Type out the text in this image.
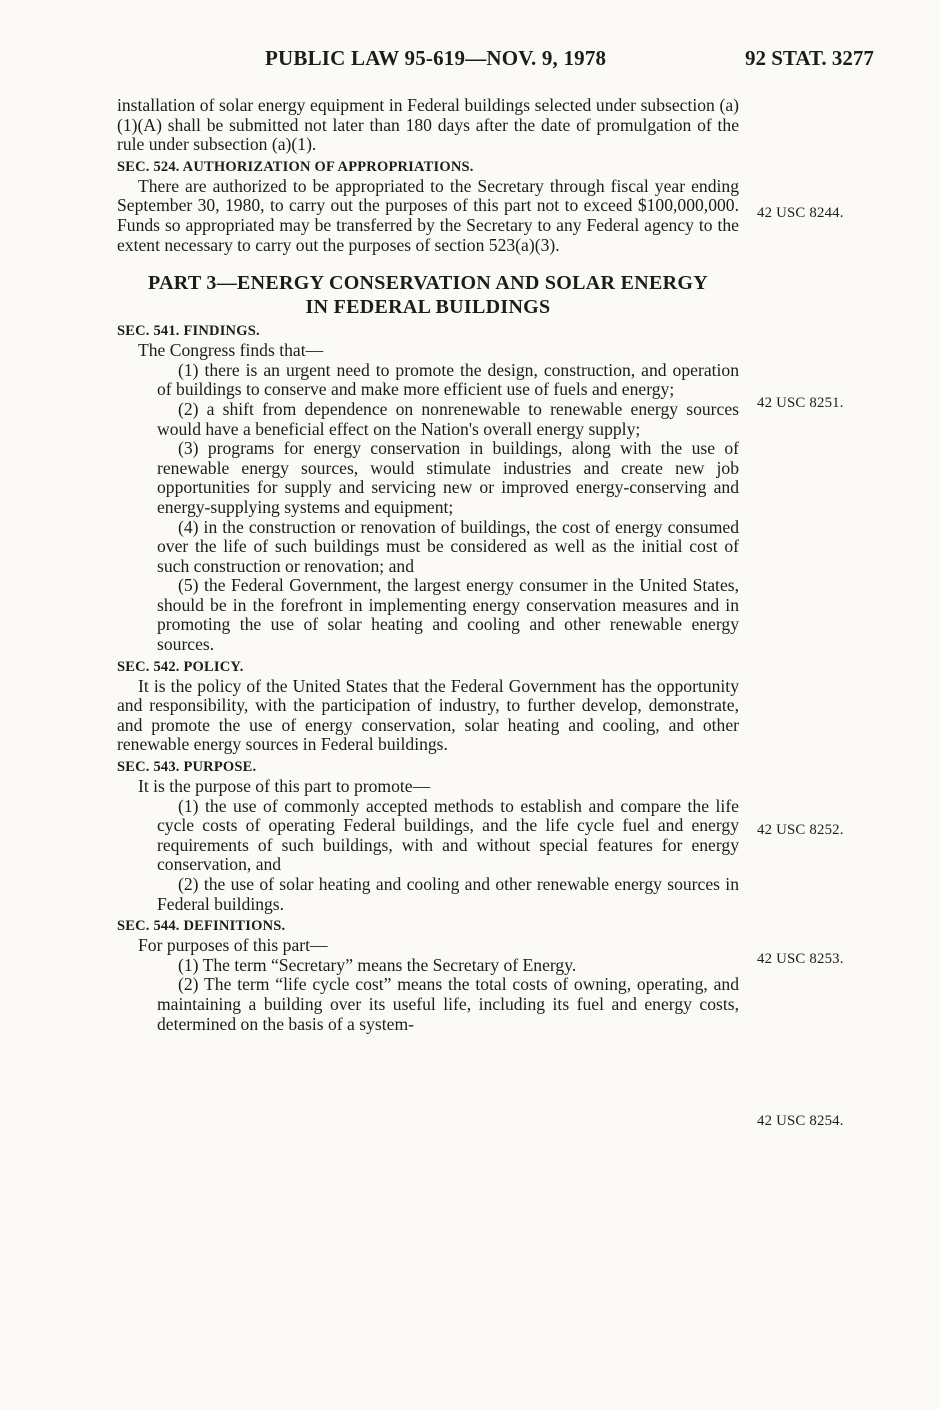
PUBLIC LAW 95-619—NOV. 9, 1978	92 STAT. 3277
42 USC 8244.
42 USC 8251.
42 USC 8252.
42 USC 8253.
42 USC 8254.

installation of solar energy equipment in Federal buildings selected under subsection (a)(1)(A) shall be submitted not later than 180 days after the date of promulgation of the rule under subsection (a)(1).

SEC. 524. AUTHORIZATION OF APPROPRIATIONS.

There are authorized to be appropriated to the Secretary through fiscal year ending September 30, 1980, to carry out the purposes of this part not to exceed $100,000,000. Funds so appropriated may be transferred by the Secretary to any Federal agency to the extent necessary to carry out the purposes of section 523(a)(3).

PART 3—ENERGY CONSERVATION AND SOLAR ENERGY
IN FEDERAL BUILDINGS
SEC. 541. FINDINGS.

The Congress finds that—

(1) there is an urgent need to promote the design, construction, and operation of buildings to conserve and make more efficient use of fuels and energy;

(2) a shift from dependence on nonrenewable to renewable energy sources would have a beneficial effect on the Nation's overall energy supply;

(3) programs for energy conservation in buildings, along with the use of renewable energy sources, would stimulate industries and create new job opportunities for supply and servicing new or improved energy-conserving and energy-supplying systems and equipment;

(4) in the construction or renovation of buildings, the cost of energy consumed over the life of such buildings must be considered as well as the initial cost of such construction or renovation; and

(5) the Federal Government, the largest energy consumer in the United States, should be in the forefront in implementing energy conservation measures and in promoting the use of solar heating and cooling and other renewable energy sources.

SEC. 542. POLICY.

It is the policy of the United States that the Federal Government has the opportunity and responsibility, with the participation of industry, to further develop, demonstrate, and promote the use of energy conservation, solar heating and cooling, and other renewable energy sources in Federal buildings.

SEC. 543. PURPOSE.

It is the purpose of this part to promote—

(1) the use of commonly accepted methods to establish and compare the life cycle costs of operating Federal buildings, and the life cycle fuel and energy requirements of such buildings, with and without special features for energy conservation, and

(2) the use of solar heating and cooling and other renewable energy sources in Federal buildings.

SEC. 544. DEFINITIONS.

For purposes of this part—

(1) The term “Secretary” means the Secretary of Energy.

(2) The term “life cycle cost” means the total costs of owning, operating, and maintaining a building over its useful life, including its fuel and energy costs, determined on the basis of a system-
